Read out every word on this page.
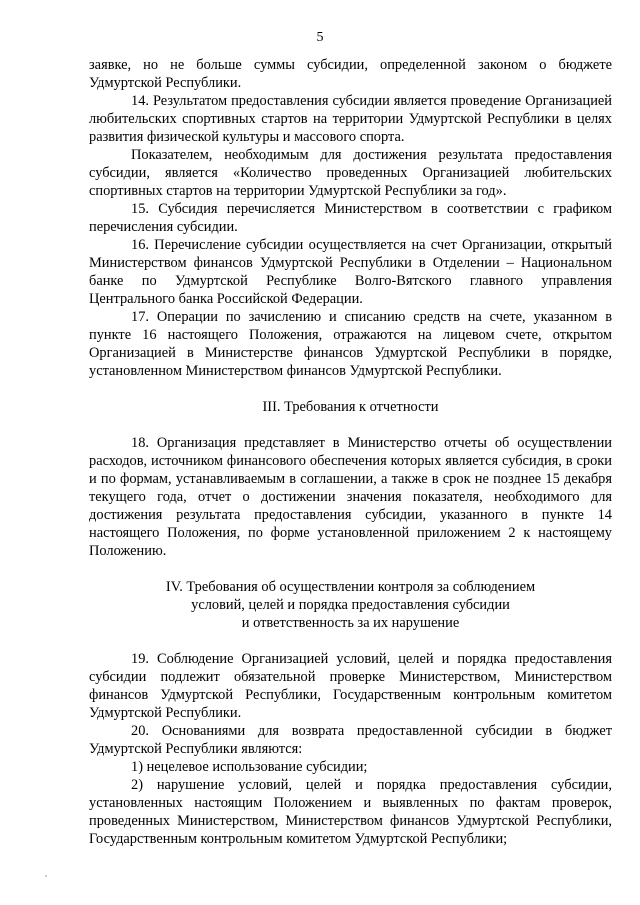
5

заявке, но не больше суммы субсидии, определенной законом о бюджете Удмуртской Республики.

14. Результатом предоставления субсидии является проведение Организацией любительских спортивных стартов на территории Удмуртской Республики в целях развития физической культуры и массового спорта.

Показателем, необходимым для достижения результата предоставления субсидии, является «Количество проведенных Организацией любительских спортивных стартов на территории Удмуртской Республики за год».

15. Субсидия перечисляется Министерством в соответствии с графиком перечисления субсидии.

16. Перечисление субсидии осуществляется на счет Организации, открытый Министерством финансов Удмуртской Республики в Отделении – Национальном банке по Удмуртской Республике Волго-Вятского главного управления Центрального банка Российской Федерации.

17. Операции по зачислению и списанию средств на счете, указанном в пункте 16 настоящего Положения, отражаются на лицевом счете, открытом Организацией в Министерстве финансов Удмуртской Республики в порядке, установленном Министерством финансов Удмуртской Республики.

III. Требования к отчетности

18. Организация представляет в Министерство отчеты об осуществлении расходов, источником финансового обеспечения которых является субсидия, в сроки и по формам, устанавливаемым в соглашении, а также в срок не позднее 15 декабря текущего года, отчет о достижении значения показателя, необходимого для достижения результата предоставления субсидии, указанного в пункте 14 настоящего Положения, по форме установленной приложением 2 к настоящему Положению.

IV. Требования об осуществлении контроля за соблюдением
условий, целей и порядка предоставления субсидии
и ответственность за их нарушение

19. Соблюдение Организацией условий, целей и порядка предоставления субсидии подлежит обязательной проверке Министерством, Министерством финансов Удмуртской Республики, Государственным контрольным комитетом Удмуртской Республики.

20. Основаниями для возврата предоставленной субсидии в бюджет Удмуртской Республики являются:

1) нецелевое использование субсидии;

2) нарушение условий, целей и порядка предоставления субсидии, установленных настоящим Положением и выявленных по фактам проверок, проведенных Министерством, Министерством финансов Удмуртской Республики, Государственным контрольным комитетом Удмуртской Республики;
